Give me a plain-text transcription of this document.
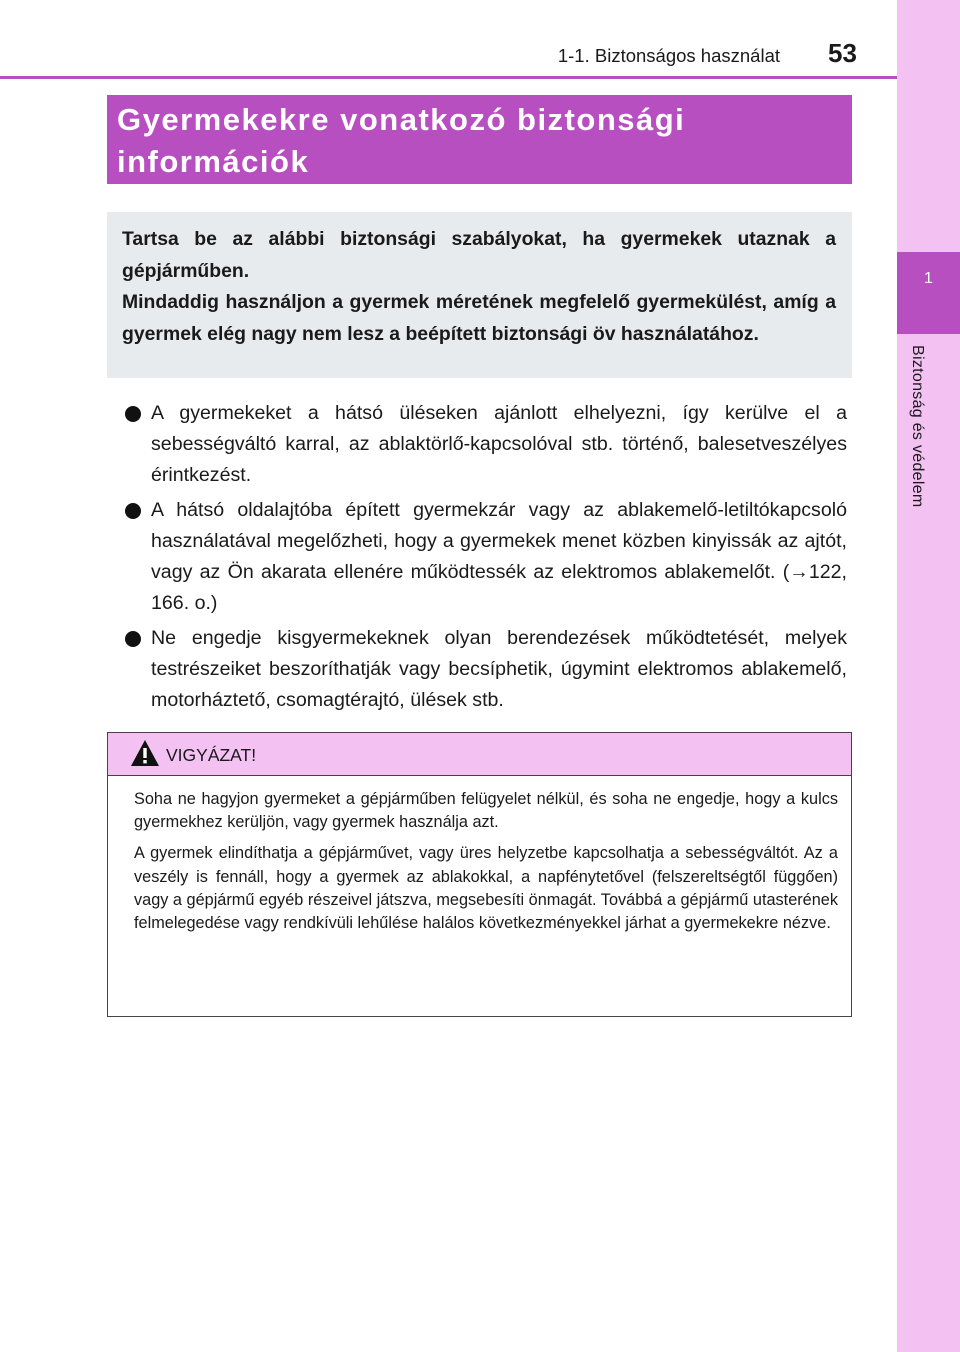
1
Biztonság és védelem
1-1. Biztonságos használat 53
Gyermekekre vonatkozó biztonsági
információk

Tartsa be az alábbi biztonsági szabályokat, ha gyermekek utaznak a gépjárműben.

Mindaddig használjon a gyermek méretének megfelelő gyermekülést, amíg a gyermek elég nagy nem lesz a beépített biztonsági öv használatához.

A gyermekeket a hátsó üléseken ajánlott elhelyezni, így kerülve el a sebességváltó karral, az ablaktörlő-kapcsolóval stb. történő, balesetveszélyes érintkezést.
A hátsó oldalajtóba épített gyermekzár vagy az ablakemelő-letiltókapcsoló használatával megelőzheti, hogy a gyermekek menet közben kinyissák az ajtót, vagy az Ön akarata ellenére működtessék az elektromos ablakemelőt. (→122, 166. o.)
Ne engedje kisgyermekeknek olyan berendezések működtetését, melyek testrészeiket beszoríthatják vagy becsíphetik, úgymint elektromos ablakemelő, motorháztető, csomagtérajtó, ülések stb.
VIGYÁZAT!

Soha ne hagyjon gyermeket a gépjárműben felügyelet nélkül, és soha ne engedje, hogy a kulcs gyermekhez kerüljön, vagy gyermek használja azt.

A gyermek elindíthatja a gépjárművet, vagy üres helyzetbe kapcsolhatja a sebességváltót. Az a veszély is fennáll, hogy a gyermek az ablakokkal, a napfénytetővel (felszereltségtől függően) vagy a gépjármű egyéb részeivel játszva, megsebesíti önmagát. Továbbá a gépjármű utasterének felmelegedése vagy rendkívüli lehűlése halálos következményekkel járhat a gyermekekre nézve.
